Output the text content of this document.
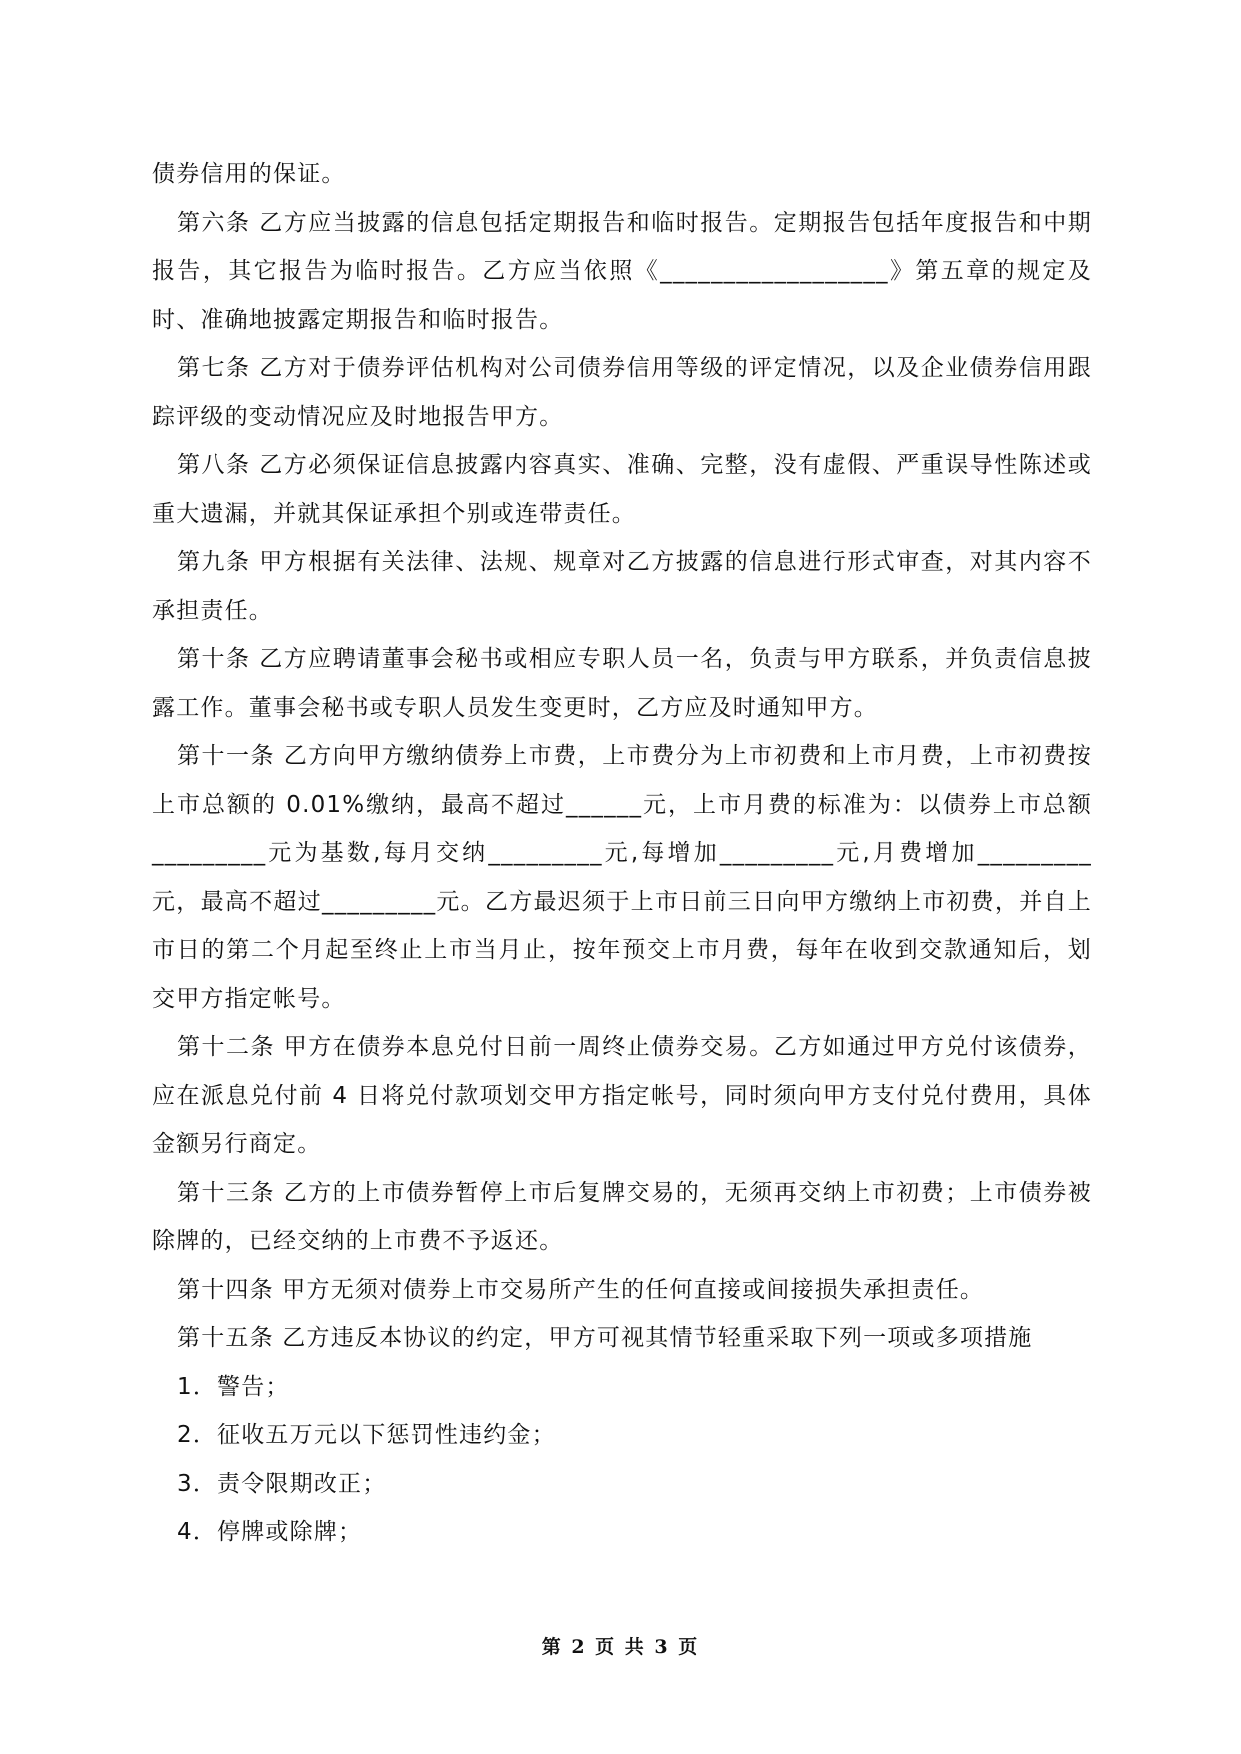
债券信用的保证。

第六条 乙方应当披露的信息包括定期报告和临时报告。定期报告包括年度报告和中期报告，其它报告为临时报告。乙方应当依照《__________________》第五章的规定及时、准确地披露定期报告和临时报告。

第七条 乙方对于债券评估机构对公司债券信用等级的评定情况，以及企业债券信用跟踪评级的变动情况应及时地报告甲方。

第八条 乙方必须保证信息披露内容真实、准确、完整，没有虚假、严重误导性陈述或重大遗漏，并就其保证承担个别或连带责任。

第九条 甲方根据有关法律、法规、规章对乙方披露的信息进行形式审查，对其内容不承担责任。

第十条 乙方应聘请董事会秘书或相应专职人员一名，负责与甲方联系，并负责信息披露工作。董事会秘书或专职人员发生变更时，乙方应及时通知甲方。

第十一条 乙方向甲方缴纳债券上市费，上市费分为上市初费和上市月费，上市初费按上市总额的 0.01%缴纳，最高不超过______元，上市月费的标准为：以债券上市总额_________元为基数,每月交纳_________元,每增加_________元,月费增加_________元，最高不超过_________元。乙方最迟须于上市日前三日向甲方缴纳上市初费，并自上市日的第二个月起至终止上市当月止，按年预交上市月费，每年在收到交款通知后，划交甲方指定帐号。

第十二条 甲方在债券本息兑付日前一周终止债券交易。乙方如通过甲方兑付该债券，应在派息兑付前 4 日将兑付款项划交甲方指定帐号，同时须向甲方支付兑付费用，具体金额另行商定。

第十三条 乙方的上市债券暂停上市后复牌交易的，无须再交纳上市初费；上市债券被除牌的，已经交纳的上市费不予返还。

第十四条 甲方无须对债券上市交易所产生的任何直接或间接损失承担责任。

第十五条 乙方违反本协议的约定，甲方可视其情节轻重采取下列一项或多项措施

1．警告；

2．征收五万元以下惩罚性违约金；

3．责令限期改正；

4．停牌或除牌；

第 2 页 共 3 页
